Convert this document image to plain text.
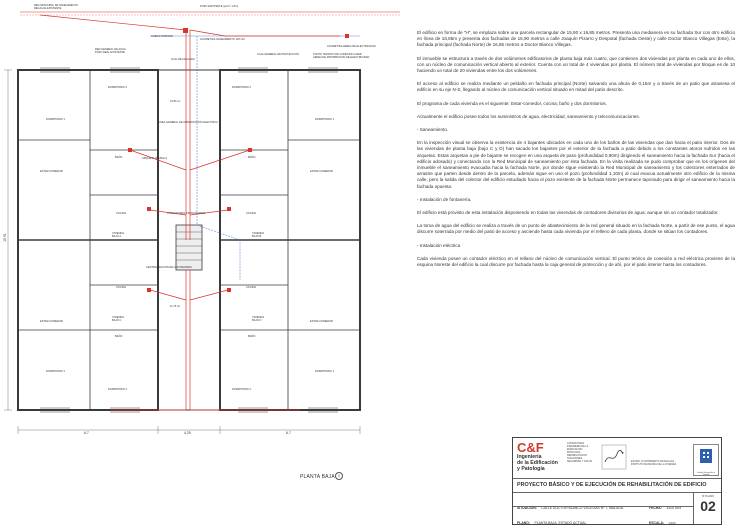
RED MUNICIPAL DE SANEAMIENTO
RECALCE EXISTENTE
POZO EXISTENTE (prof.= 1.8m)
ACOMETIDA SANEAMIENTO 125 CIC
HUECO TRATADO
OJAL DE FACHADA
RED GENERAL DE AGUA
POZO REAL EXISTENTE
CAJA GENERAL DE PROTECCION
ACOMETIDA AEREA DE ELECTRICIDAD
PUNTO TEORICO DE CONEXION A RED
AEREA DE DISTRIBUCION DE ELECTRICIDAD
LINEA GENERAL DE ALIMENTACION ELECTRICA
ARQUETA (50x50cm)
CONTADORES DIVISIONARIOS
CENTRALIZACION DE CONTADORES
DORMITORIO 1
DORMITORIO 2	DORMITORIO 2
DORMITORIO 1
BAÑO	BAÑO
ESTAR-COMEDOR	ESTAR-COMEDOR
COCINA	COCINA
VIVIENDA
BAJO A
VIVIENDA
BAJO B
COCINA	COCINA
ESTAR-COMEDOR	ESTAR-COMEDOR
BAÑO	BAÑO
VIVIENDA
BAJO C
VIVIENDA
BAJO D
DORMITORIO 1
DORMITORIO 2	DORMITORIO 2
DORMITORIO 1
10.84 m²
11.76 m²
6.7	4.25	6.7
15.91
PLANTA BAJA 1

El edificio en forma de "H", se emplaza sobre una parcela rectangular de 15,90 x 16,85 metros. Presenta una medianera en su fachada Sur con otro edificio en línea de 16,85m y presenta dos fachadas de 15,90 metros a calle Joaquín Pizarro y Despotal (fachada Oeste) y calle Doctor Blanco Villegas (Este), la fachada principal (fachada Norte) de 16,85 metros a Doctor Blanco Villegas.

El inmueble se estructura a través de dos volúmenes edificatorios de planta baja más cuatro, que contienen dos viviendas por planta en cada uno de ellos, con un núcleo de comunicación vertical abierto al exterior. Cuenta con un total de 4 viviendas por planta. El número total de viviendas por bloque es de 10 haciendo un total de 20 viviendas entre los dos volúmenes.

El acceso al edificio se realiza mediante un peldaño en fachada principal (Norte) salvando una altura de 0,15m y a través de un patio que atraviesa el edificio en su eje N-S, llegando al núcleo de comunicación vertical situado en mitad del patio descrito.

El programa de cada vivienda es el siguiente: Estar-comedor, cocina; baño y dos dormitorios.

Actualmente el edificio posee todos los suministros de agua, electricidad, saneamiento y telecomunicaciones.

- Saneamiento.

En la inspección visual se observa la existencia de 4 bajantes ubicados en cada uno de los baños de las viviendas que dan hacia el patio interior. Dos de las viviendas de planta baja (bajo C y D) han sacado los bajantes por el exterior de la fachada a patio debido a los constantes atoros sufridos en las arquetas. Estas arquetas a pie de bajante se recogen en una arqueta de paso (profundidad 0,90m) dirigiendo el saneamiento hacia la fachada Sur (hacia el edificio adosado) y conectando con la Red Municipal de saneamiento por ésta fachada. En la visita realizada se pudo comprobar que en los orígenes del inmueble el saneamiento evacuaba hacia la fachada Norte, por donde sigue existiendo la Red Municipal de saneamiento y los colectores enterrados de arrastre que parten desde dentro de la parcela, además sigue en uso el pozo (profundidad 1,10m) al cual evacua actualmente otro edificio de la misma calle, pero la salida del colector del edificio estudiado hacia el pozo existente de la fachada Norte permanece taponado para dirigir el saneamiento hacia la fachada opuesta.

- Instalación de fontanería.

El edificio está provisto de esta instalación disponiendo en todas las viviendas de contadores divisorios de agua; aunque sin un contador totalizador.

La toma de agua del edificio se realiza a través de un punto de abastecimiento de la red general situado en la fachada Norte, a partir de ese punto, el agua discurre soterrada por medio del patio de acceso y asciende hasta cada vivienda por el relleno de cada planta, donde se sitúan los contadores.

- Instalación eléctrica

Cada vivienda posee un contador eléctrico en el rellano del núcleo de comunicación vertical. El punto teórico de conexión a red eléctrica proviene de la esquina Noreste del edificio la cual discurre por fachada hasta la caja general de protección y de ahí, por el patio interior hasta los contadores.

C&F
Ingeniería
de la Edificación
y Patología
CONSULTORIA
INGENIERIA DE LA
EDIFICACION
PATOLOGIA
REHABILITACION
TASACIONES
SEGURIDAD Y SALUD	EXCMO. AYUNTAMIENTO DE MALAGA
INSTITUTO MUNICIPAL DE LA VIVIENDA
Instituto Municipal de la Vivienda
PROYECTO BÁSICO Y DE EJECUCIÓN DE REHABILITACIÓN DE EDIFICIO
SITUACIÓN: CALLE DOCTOR BLANCO VILLEGAS Nº 7, MALAGA	FECHA: JULIO 2016
PLANO: PLANTA BAJA. ESTADO ACTUAL	ESCALA: 1/100
Nº PLANO
02
